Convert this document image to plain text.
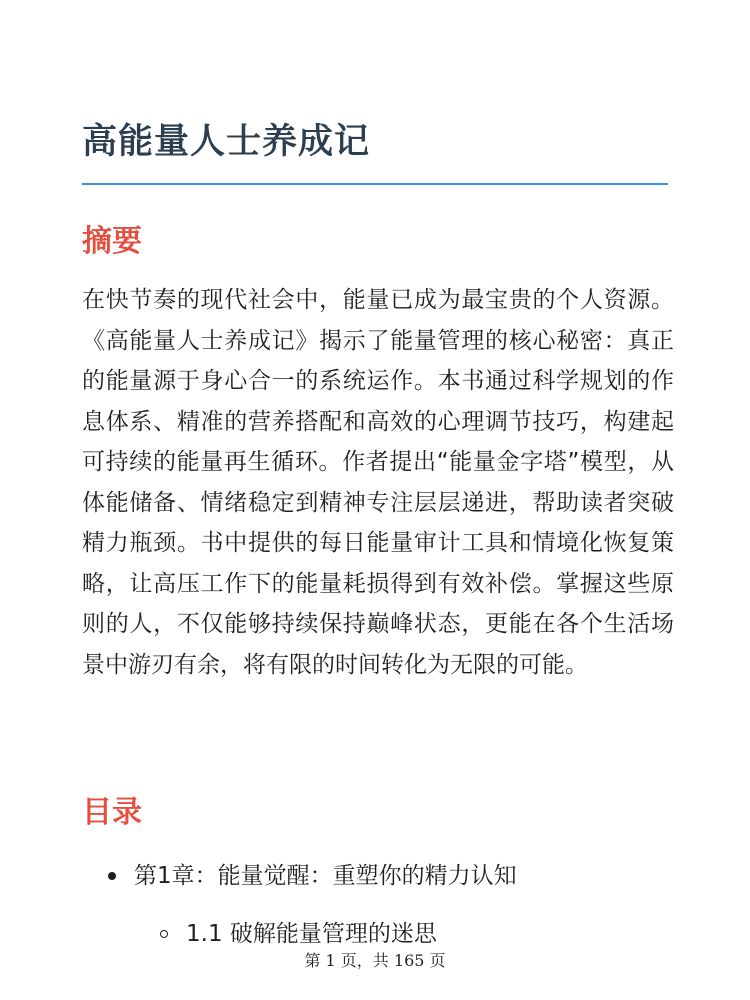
高能量人士养成记
摘要

在快节奏的现代社会中，能量已成为最宝贵的个人资源。《高能量人士养成记》揭示了能量管理的核心秘密：真正的能量源于身心合一的系统运作。本书通过科学规划的作息体系、精准的营养搭配和高效的心理调节技巧，构建起可持续的能量再生循环。作者提出“能量金字塔”模型，从体能储备、情绪稳定到精神专注层层递进，帮助读者突破精力瓶颈。书中提供的每日能量审计工具和情境化恢复策略，让高压工作下的能量耗损得到有效补偿。掌握这些原则的人，不仅能够持续保持巅峰状态，更能在各个生活场景中游刃有余，将有限的时间转化为无限的可能。

目录
第1章：能量觉醒：重塑你的精力认知
1.1 破解能量管理的迷思
第 1 页，共 165 页
